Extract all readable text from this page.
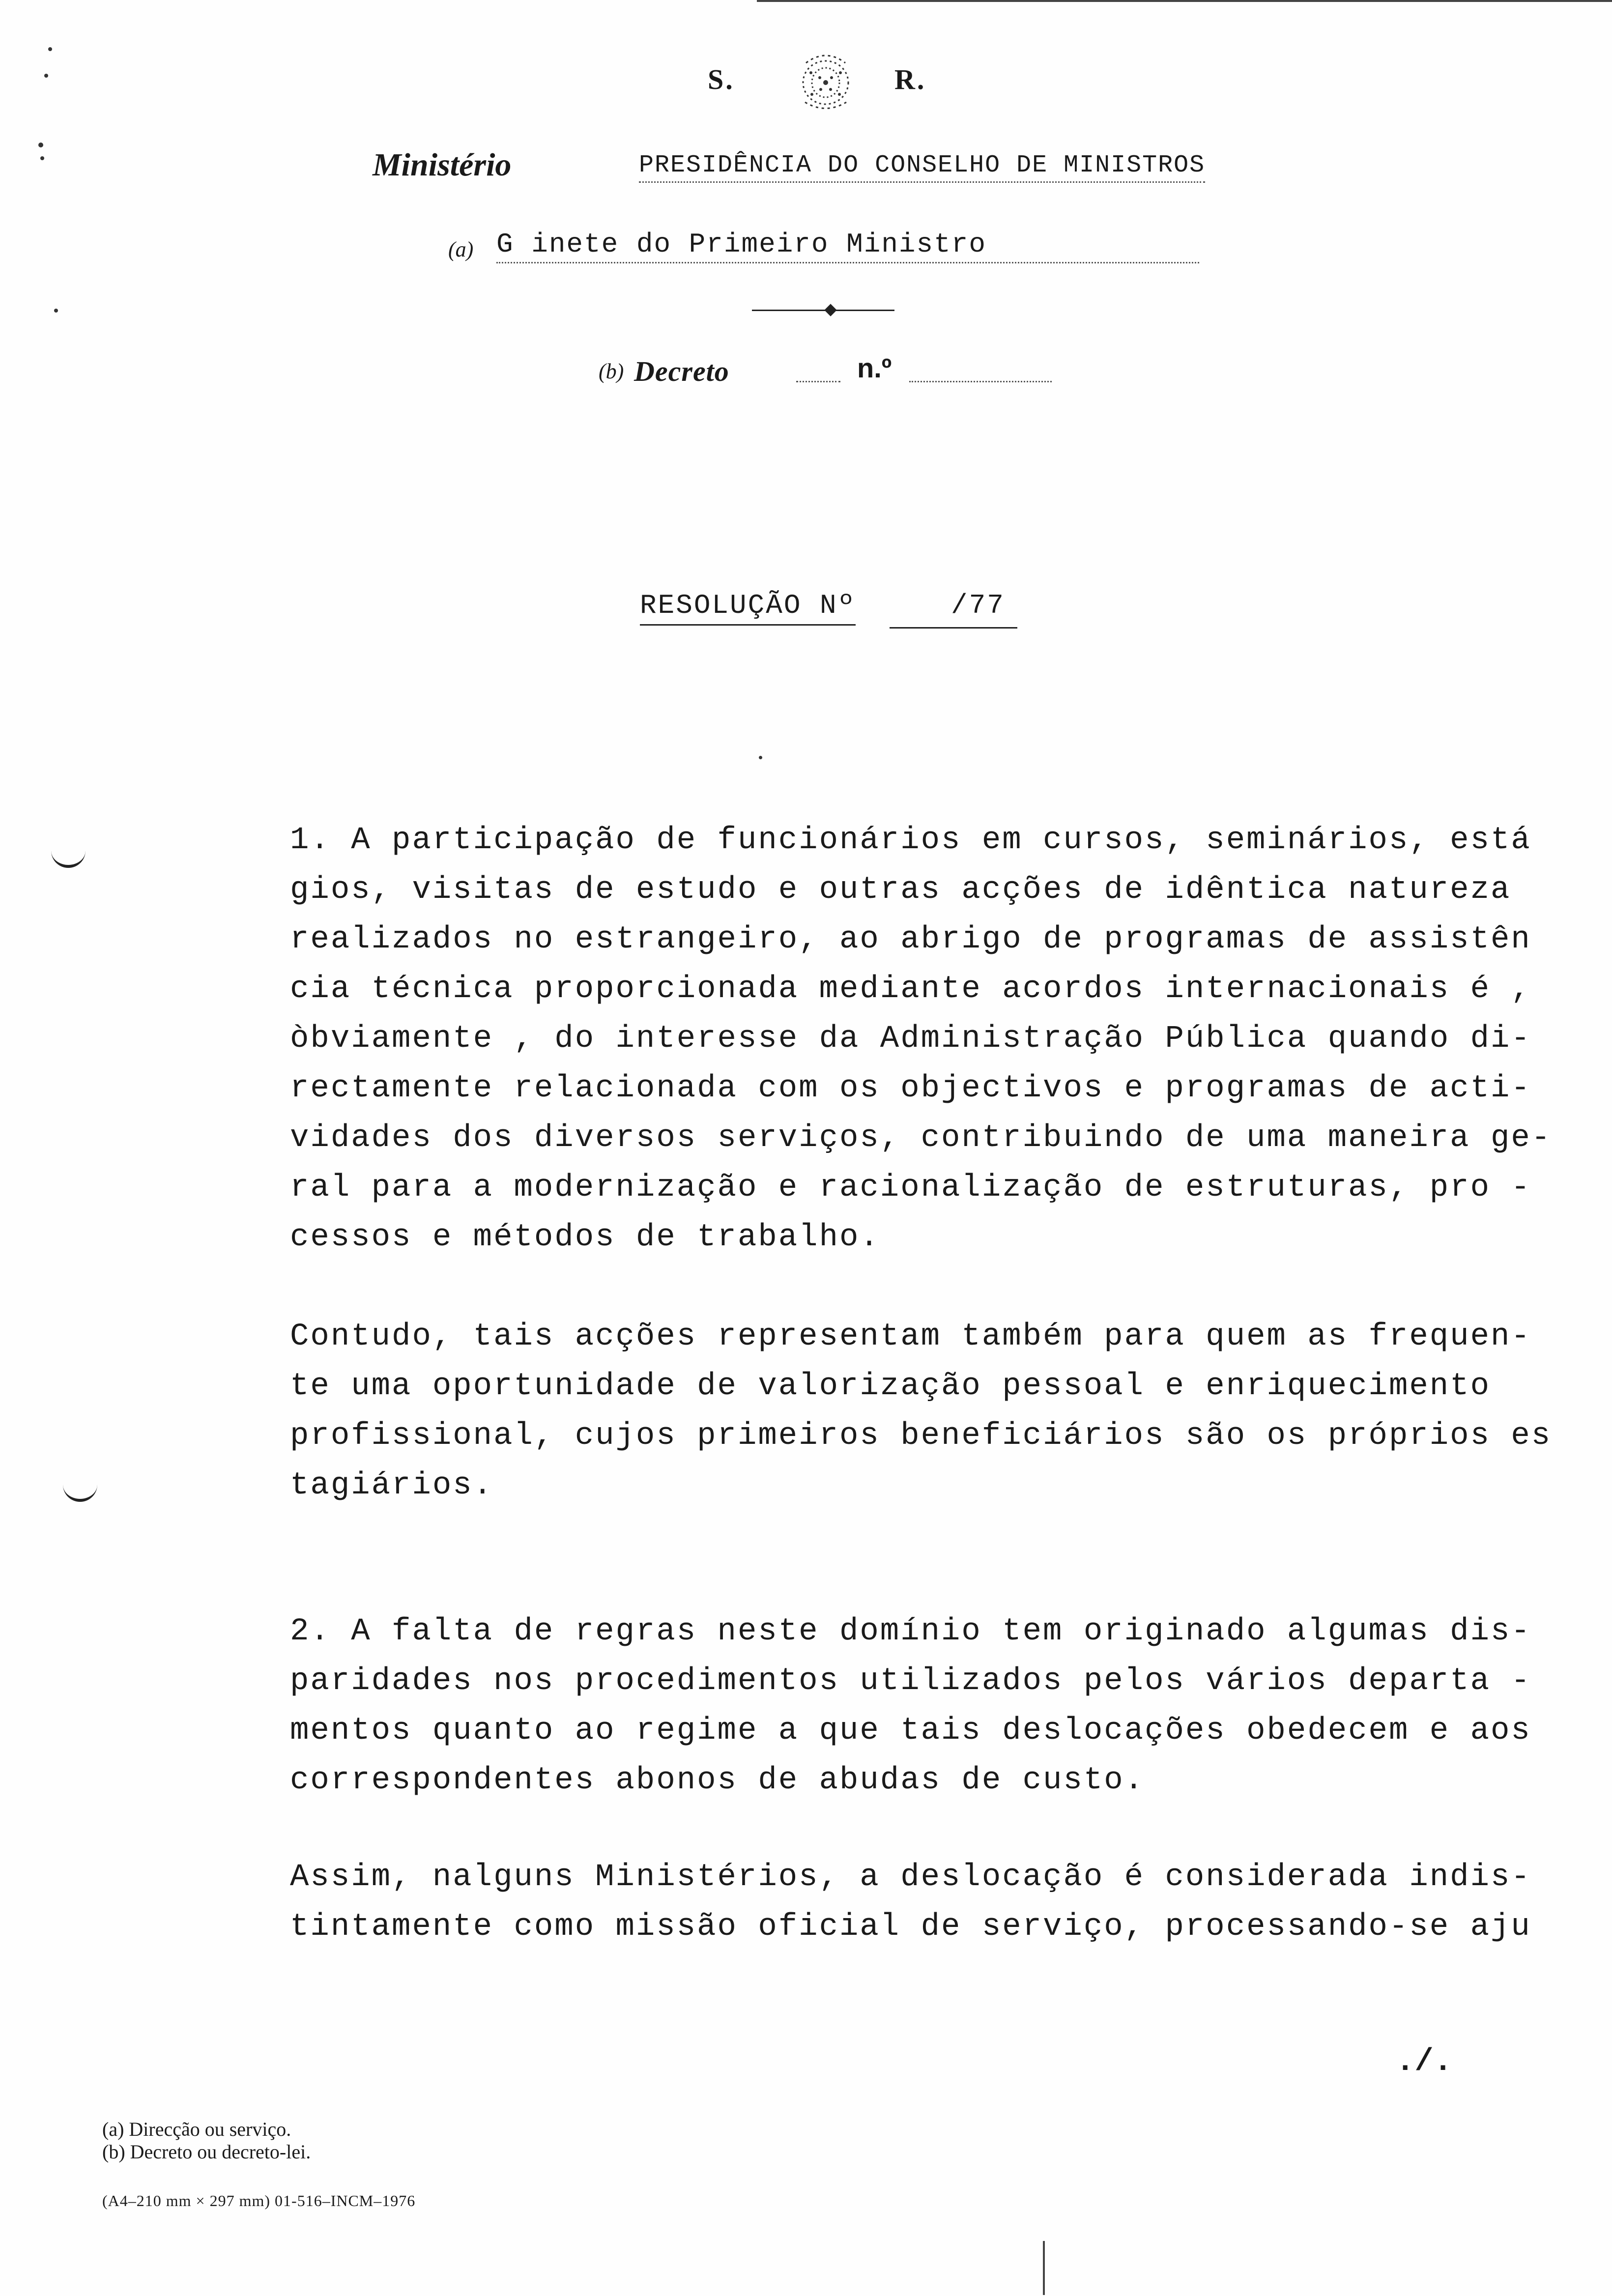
S.	R.
Ministério	PRESIDÊNCIA DO CONSELHO DE MINISTROS
(a) G inete do Primeiro Ministro
(b) Decreto	n.º
RESOLUÇÃO Nº	/77
1. A participação de funcionários em cursos, seminários, está
gios, visitas de estudo e outras acções de idêntica natureza
realizados no estrangeiro, ao abrigo de programas de assistên
cia técnica proporcionada mediante acordos internacionais é ,
òbviamente , do interesse da Administração Pública quando di-
rectamente relacionada com os objectivos e programas de acti-
vidades dos diversos serviços, contribuindo de uma maneira ge-
ral para a modernização e racionalização de estruturas, pro -
cessos e métodos de trabalho.
Contudo, tais acções representam também para quem as frequen-
te uma oportunidade de valorização pessoal e enriquecimento
profissional, cujos primeiros beneficiários são os próprios es
tagiários.
2. A falta de regras neste domínio tem originado algumas dis-
paridades nos procedimentos utilizados pelos vários departa -
mentos quanto ao regime a que tais deslocações obedecem e aos
correspondentes abonos de abudas de custo.
Assim, nalguns Ministérios, a deslocação é considerada indis-
tintamente como missão oficial de serviço, processando-se aju
./.
(a) Direcção ou serviço.
(b) Decreto ou decreto-lei.
(A4–210 mm × 297 mm) 01-516–INCM–1976
